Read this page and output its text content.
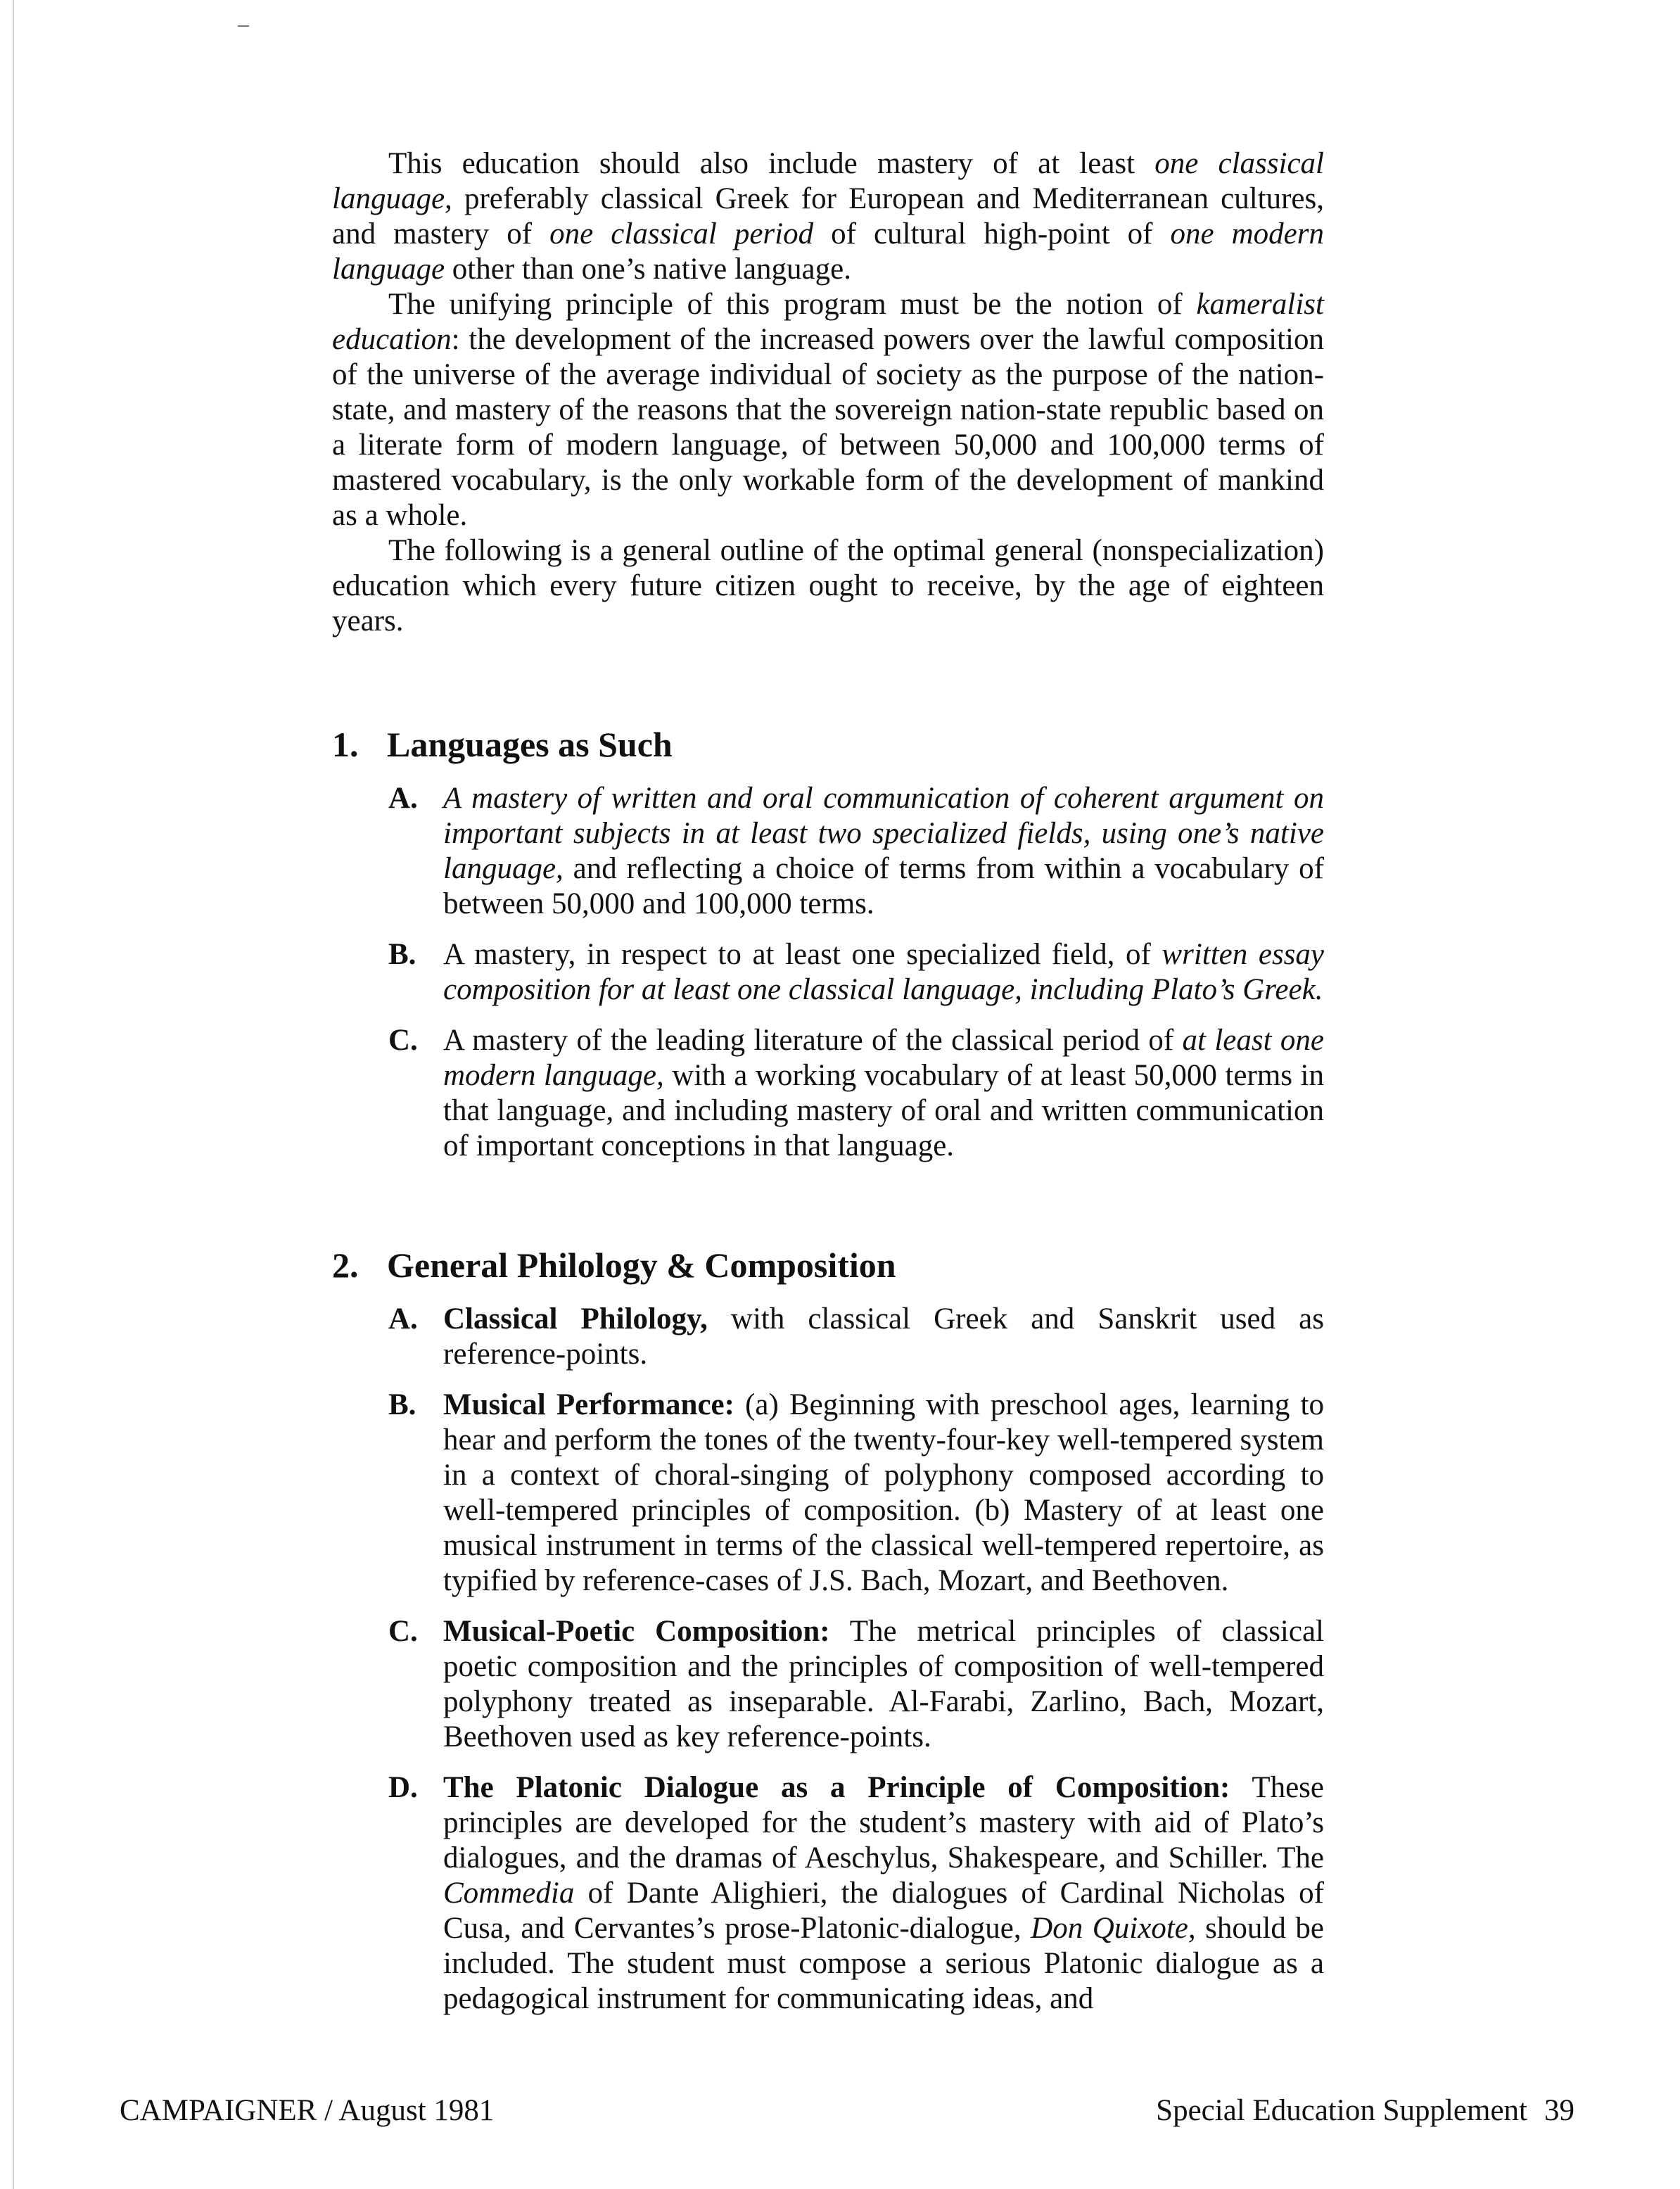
This education should also include mastery of at least one classical language, preferably classical Greek for European and Mediterranean cultures, and mastery of one classical period of cultural high-point of one modern language other than one’s native language.

The unifying principle of this program must be the notion of kameralist education: the development of the increased powers over the lawful composition of the universe of the average individual of society as the purpose of the nation-state, and mastery of the reasons that the sovereign nation-state republic based on a literate form of modern language, of between 50,000 and 100,000 terms of mastered vocabulary, is the only workable form of the development of mankind as a whole.

The following is a general outline of the optimal general (nonspecialization) education which every future citizen ought to receive, by the age of eighteen years.

1. Languages as Such
A. A mastery of written and oral communication of coherent argument on important subjects in at least two specialized fields, using one’s native language, and reflecting a choice of terms from within a vocabulary of between 50,000 and 100,000 terms.
B. A mastery, in respect to at least one specialized field, of written essay composition for at least one classical language, including Plato’s Greek.
C. A mastery of the leading literature of the classical period of at least one modern language, with a working vocabulary of at least 50,000 terms in that language, and including mastery of oral and written communication of important conceptions in that language.
2. General Philology & Composition
A. Classical Philology, with classical Greek and Sanskrit used as reference-points.
B. Musical Performance: (a) Beginning with preschool ages, learning to hear and perform the tones of the twenty-four-key well-tempered system in a context of choral-singing of polyphony composed according to well-tempered principles of composition. (b) Mastery of at least one musical instrument in terms of the classical well-tempered repertoire, as typified by reference-cases of J.S. Bach, Mozart, and Beethoven.
C. Musical-Poetic Composition: The metrical principles of classical poetic composition and the principles of composition of well-tempered polyphony treated as inseparable. Al-Farabi, Zarlino, Bach, Mozart, Beethoven used as key reference-points.
D. The Platonic Dialogue as a Principle of Composition: These principles are developed for the student’s mastery with aid of Plato’s dialogues, and the dramas of Aeschylus, Shakespeare, and Schiller. The Commedia of Dante Alighieri, the dialogues of Cardinal Nicholas of Cusa, and Cervantes’s prose-Platonic-dialogue, Don Quixote, should be included. The student must compose a serious Platonic dialogue as a pedagogical instrument for communicating ideas, and
CAMPAIGNER / August 1981	Special Education Supplement 39
